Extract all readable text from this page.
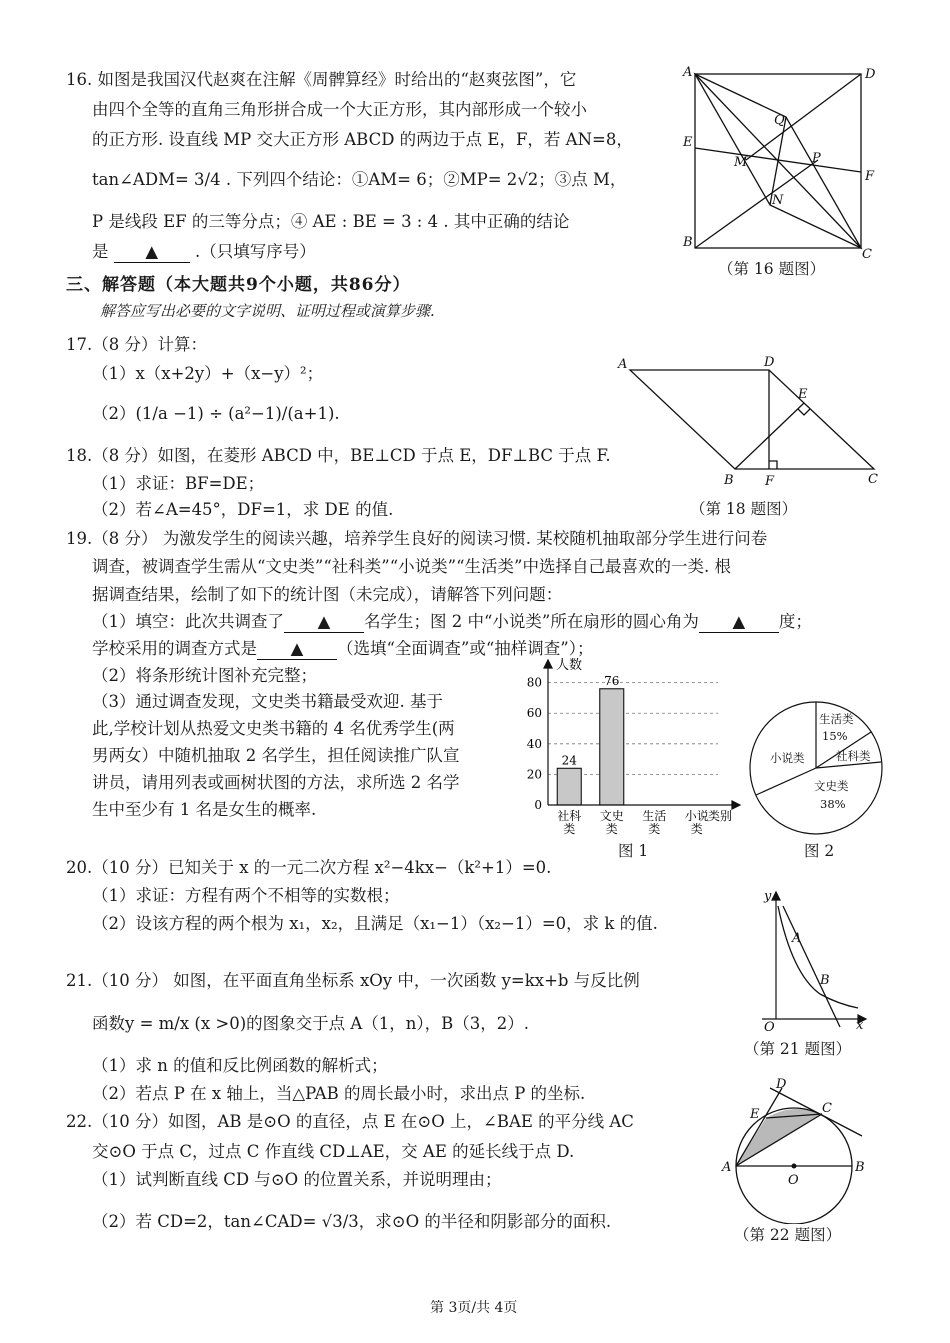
16. 如图是我国汉代赵爽在注解《周髀算经》时给出的“赵爽弦图”，它
由四个全等的直角三角形拼合成一个大正方形，其内部形成一个较小
的正方形. 设直线 MP 交大正方形 ABCD 的两边于点 E，F，若 AN=8，
tan∠ADM= 3/4 . 下列四个结论：①AM= 6；②MP= 2√2；③点 M，
P 是线段 EF 的三等分点；④ AE : BE = 3 : 4 . 其中正确的结论
是 ▲ .（只填写序号）
A	D
E
F
B
C
Q
M	P
N
（第 16 题图）
三、解答题（本大题共9个小题，共86分）
解答应写出必要的文字说明、证明过程或演算步骤.
17.（8 分）计算：
（1）x（x+2y）+（x−y）²；
（2）(1/a −1) ÷ (a²−1)/(a+1).
18.（8 分）如图，在菱形 ABCD 中，BE⊥CD 于点 E，DF⊥BC 于点 F.
（1）求证：BF=DE；
（2）若∠A=45°，DF=1，求 DE 的值.
A	D
E
B F	C
（第 18 题图）
19.（8 分） 为激发学生的阅读兴趣，培养学生良好的阅读习惯. 某校随机抽取部分学生进行问卷
调查，被调查学生需从“文史类”“社科类”“小说类”“生活类”中选择自己最喜欢的一类. 根
据调查结果，绘制了如下的统计图（未完成），请解答下列问题：
（1）填空：此次共调查了 ▲ 名学生；图 2 中“小说类”所在扇形的圆心角为 ▲ 度；
学校采用的调查方式是 ▲ （选填“全面调查”或“抽样调查”）；
（2）将条形统计图补充完整；
（3）通过调查发现，文史类书籍最受欢迎. 基于
此,学校计划从热爱文史类书籍的 4 名优秀学生(两
男两女）中随机抽取 2 名学生，担任阅读推广队宣
讲员，请用列表或画树状图的方法，求所选 2 名学
生中至少有 1 名是女生的概率.	0
20
40
60
80
24
76
社科
类
文史
类
生活
类
小说
类
人数
类别
图 1
生活类
15%
社科类
小说类
文史类
38%
图 2
20.（10 分）已知关于 x 的一元二次方程 x²−4kx−（k²+1）=0.
（1）求证：方程有两个不相等的实数根；
（2）设该方程的两个根为 x₁，x₂，且满足（x₁−1）（x₂−1）=0，求 k 的值.
21.（10 分） 如图，在平面直角坐标系 xOy 中，一次函数 y=kx+b 与反比例
函数y = m/x (x >0)的图象交于点 A（1，n），B（3，2）.
（1）求 n 的值和反比例函数的解析式；
（2）若点 P 在 x 轴上，当△PAB 的周长最小时，求出点 P 的坐标.
y
x
O
A
B
（第 21 题图）
22.（10 分）如图，AB 是⊙O 的直径，点 E 在⊙O 上，∠BAE 的平分线 AC
交⊙O 于点 C，过点 C 作直线 CD⊥AE，交 AE 的延长线于点 D.
（1）试判断直线 CD 与⊙O 的位置关系，并说明理由；
（2）若 CD=2，tan∠CAD= √3/3，求⊙O 的半径和阴影部分的面积.
D
E	C
A	B
O
（第 22 题图）
第 3页/共 4页
